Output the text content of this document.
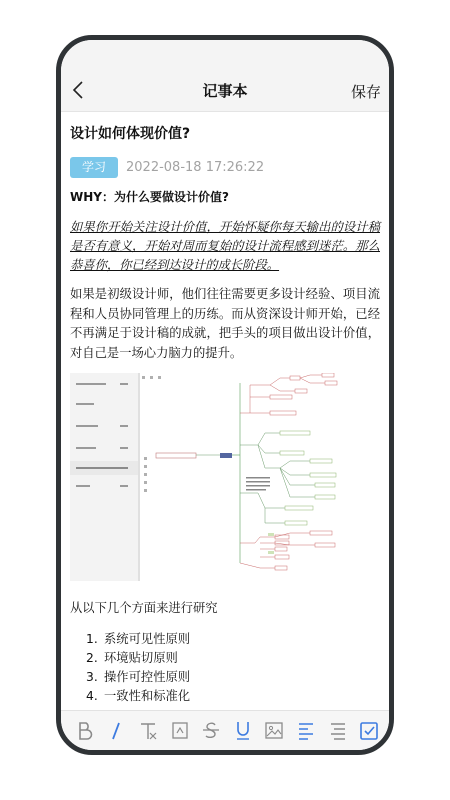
记事本	保存
设计如何体现价值?
学习	2022-08-18 17:26:22
WHY：为什么要做设计价值?
如果你开始关注设计价值，开始怀疑你每天输出的设计稿是否有意义，开始对周而复始的设计流程感到迷茫。那么恭喜你，你已经到达设计的成长阶段。
如果是初级设计师，他们往往需要更多设计经验、项目流程和人员协同管理上的历练。而从资深设计师开始，已经不再满足于设计稿的成就，把手头的项目做出设计价值，对自己是一场心力脑力的提升。
从以下几个方面来进行研究
1. 系统可见性原则
2. 环境贴切原则
3. 操作可控性原则
4. 一致性和标准化
